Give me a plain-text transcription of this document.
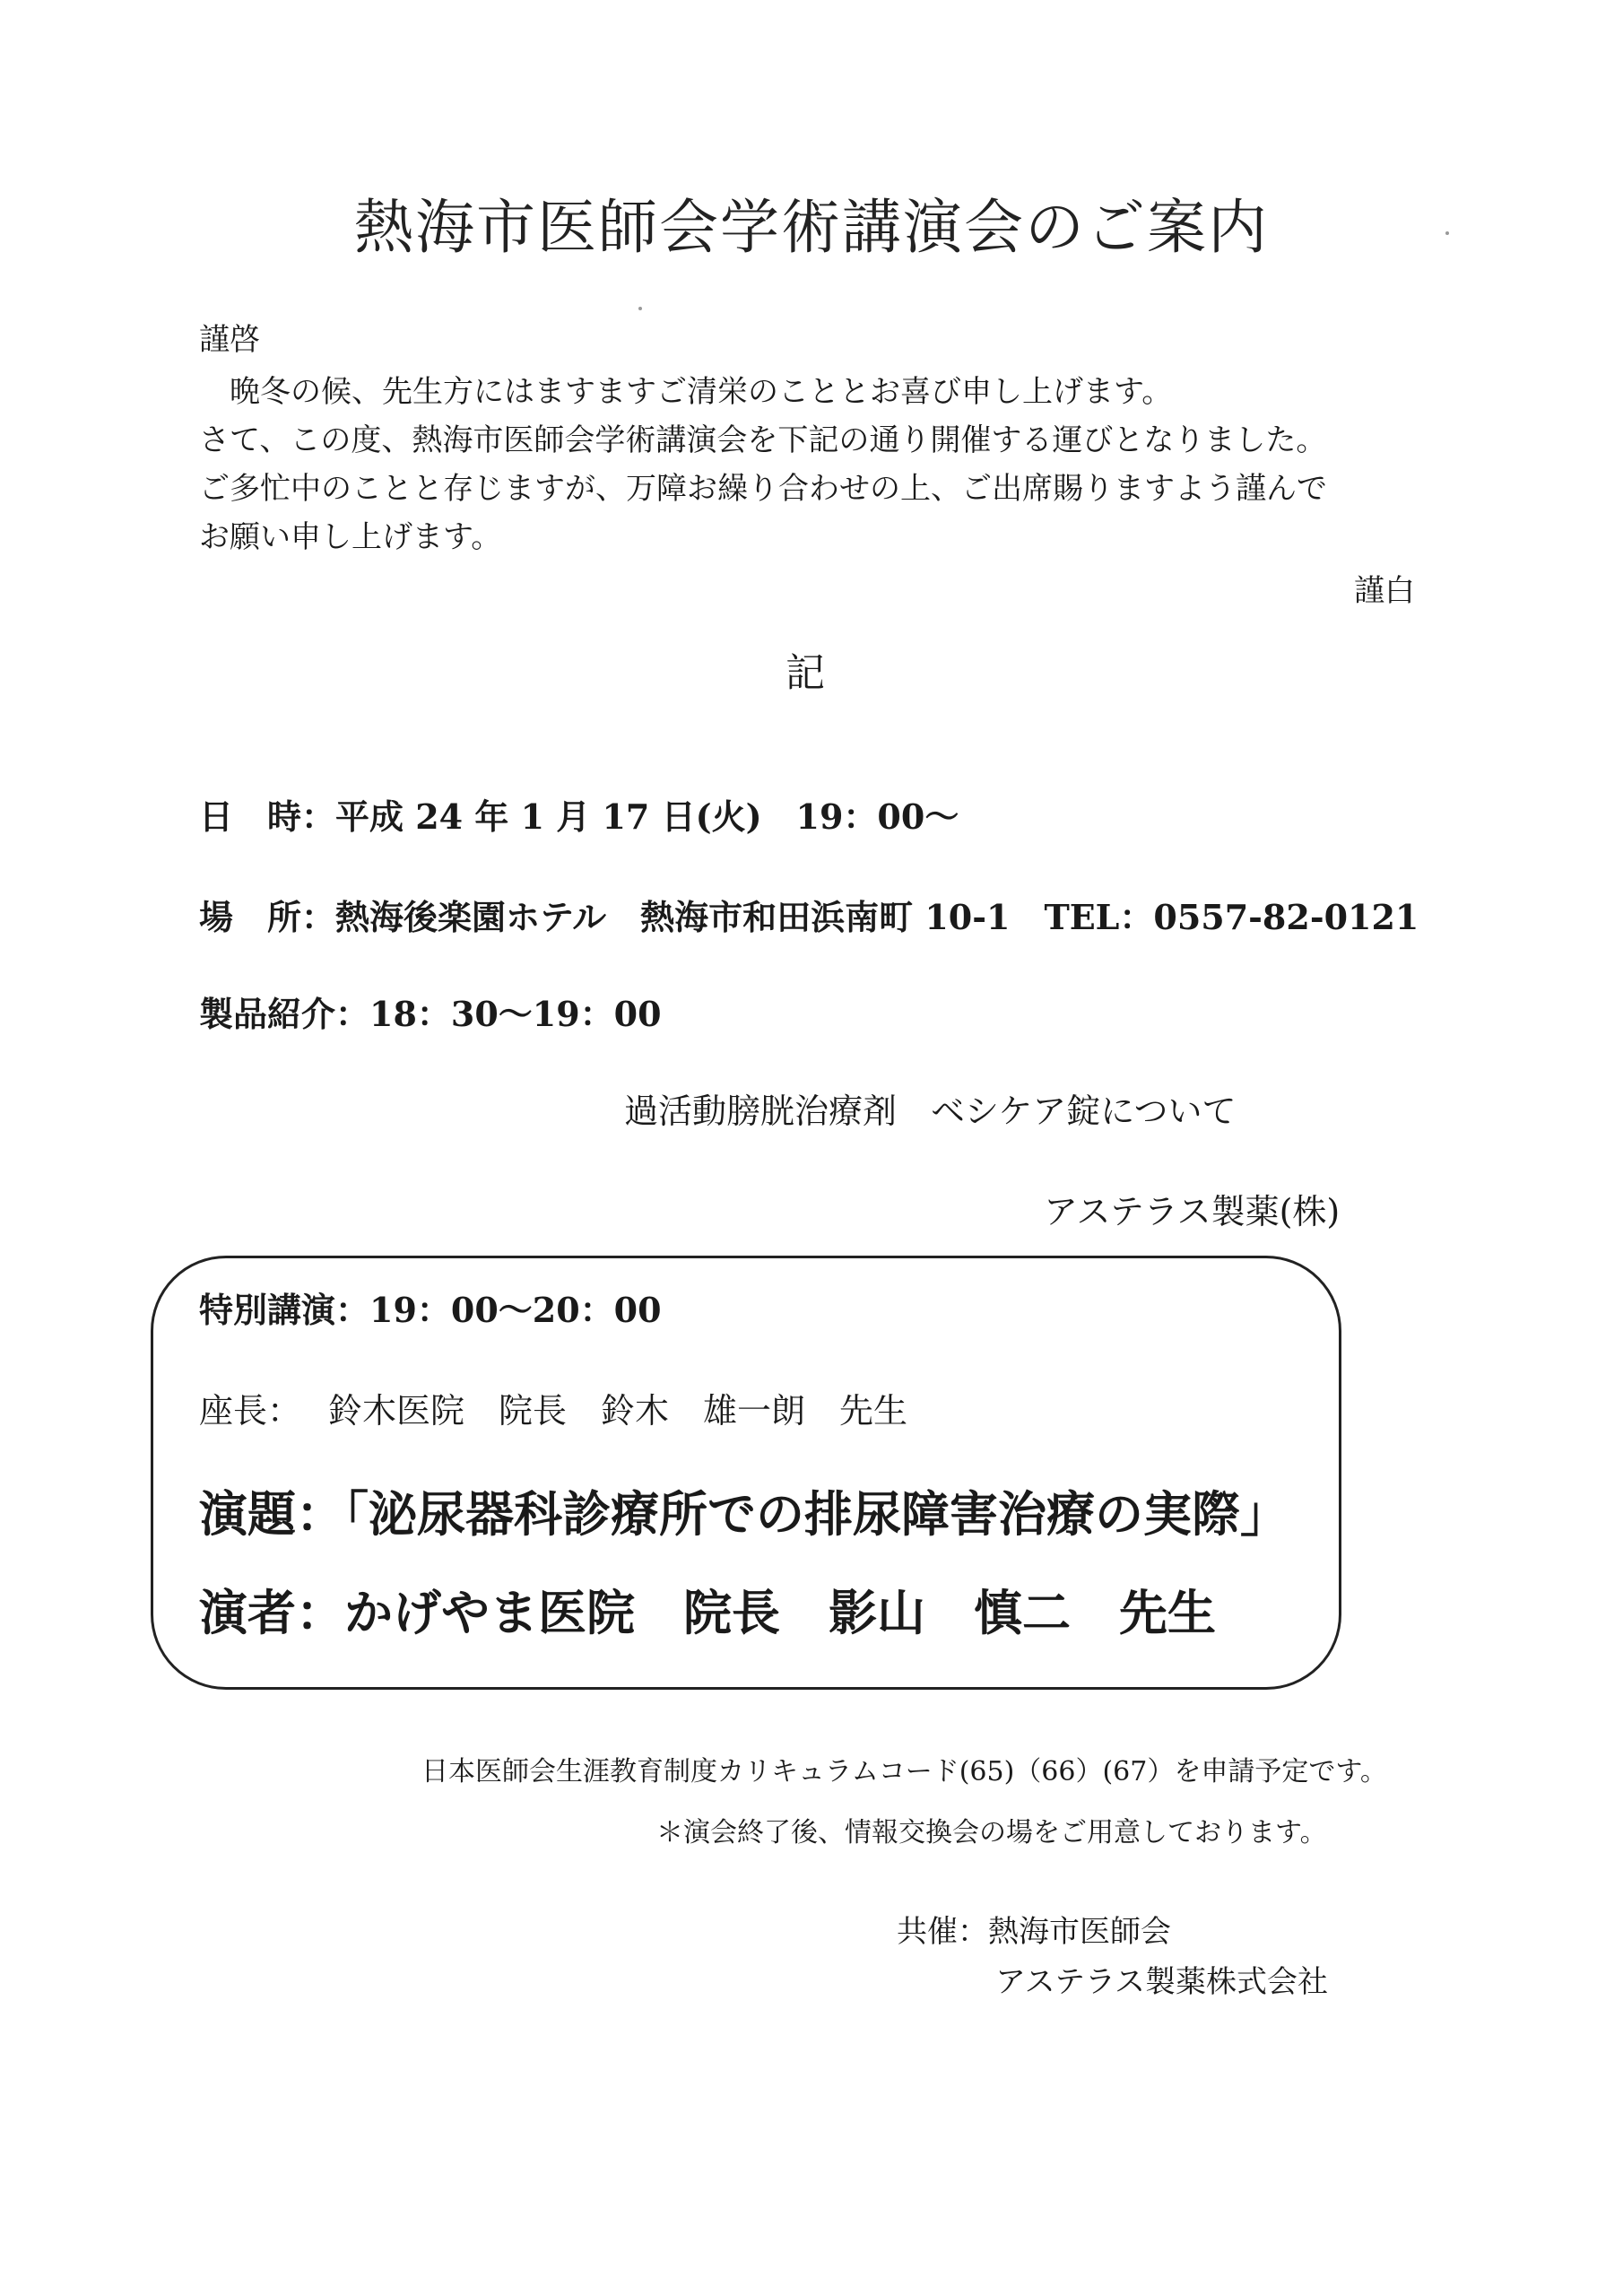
熱海市医師会学術講演会のご案内
謹啓
晩冬の候、先生方にはますますご清栄のこととお喜び申し上げます。
さて、この度、熱海市医師会学術講演会を下記の通り開催する運びとなりました。
ご多忙中のことと存じますが、万障お繰り合わせの上、ご出席賜りますよう謹んで
お願い申し上げます。
謹白
記
日　時：平成 24 年 1 月 17 日(火)　19：00～
場　所：熱海後楽園ホテル　熱海市和田浜南町 10-1　TEL：0557-82-0121
製品紹介：18：30～19：00
過活動膀胱治療剤　ベシケア錠について
アステラス製薬(株)
特別講演：19：00～20：00
座長： 鈴木医院　院長　鈴木　雄一朗　先生
演題：「泌尿器科診療所での排尿障害治療の実際」
演者：かげやま医院　院長　影山　慎二　先生
日本医師会生涯教育制度カリキュラムコード(65)（66）(67）を申請予定です。
＊演会終了後、情報交換会の場をご用意しております。
共催：熱海市医師会
アステラス製薬株式会社
